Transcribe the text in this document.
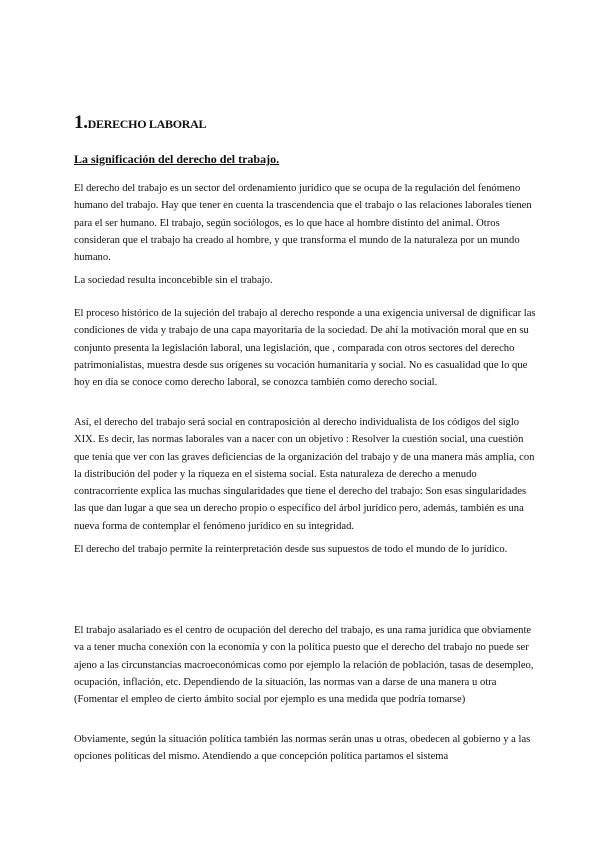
1.DERECHO LABORAL
La significación del derecho del trabajo.

El derecho del trabajo es un sector del ordenamiento jurídico que se ocupa de la regulación del fenómeno humano del trabajo. Hay que tener en cuenta la trascendencia que el trabajo o las relaciones laborales tienen para el ser humano. El trabajo, según sociólogos, es lo que hace al hombre distinto del animal. Otros consideran que el trabajo ha creado al hombre, y que transforma el mundo de la naturaleza por un mundo humano.

La sociedad resulta inconcebible sin el trabajo.

El proceso histórico de la sujeción del trabajo al derecho responde a una exigencia universal de dignificar las condiciones de vida y trabajo de una capa mayoritaria de la sociedad. De ahí la motivación moral que en su conjunto presenta la legislación laboral, una legislación, que , comparada con otros sectores del derecho patrimonialistas, muestra desde sus orígenes su vocación humanitaria y social. No es casualidad que lo que hoy en día se conoce como derecho laboral, se conozca también como derecho social.

Así, el derecho del trabajo será social en contraposición al derecho individualista de los códigos del siglo XIX. Es decir, las normas laborales van a nacer con un objetivo : Resolver la cuestión social, una cuestión que tenía que ver con las graves deficiencias de la organización del trabajo y de una manera más amplia, con la distribución del poder y la riqueza en el sistema social. Esta naturaleza de derecho a menudo contracorriente explica las muchas singularidades que tiene el derecho del trabajo: Son esas singularidades las que dan lugar a que sea un derecho propio o específico del árbol jurídico pero, además, también es una nueva forma de contemplar el fenómeno jurídico en su integridad.

El derecho del trabajo permite la reinterpretación desde sus supuestos de todo el mundo de lo jurídico.

El trabajo asalariado es el centro de ocupación del derecho del trabajo, es una rama jurídica que obviamente va a tener mucha conexión con la economía y con la política puesto que el derecho del trabajo no puede ser ajeno a las circunstancias macroeconómicas como por ejemplo la relación de población, tasas de desempleo, ocupación, inflación, etc. Dependiendo de la situación, las normas van a darse de una manera u otra (Fomentar el empleo de cierto ámbito social por ejemplo es una medida que podría tomarse)

Obviamente, según la situación política también las normas serán unas u otras, obedecen al gobierno y a las opciones políticas del mismo. Atendiendo a que concepción política partamos el sistema
